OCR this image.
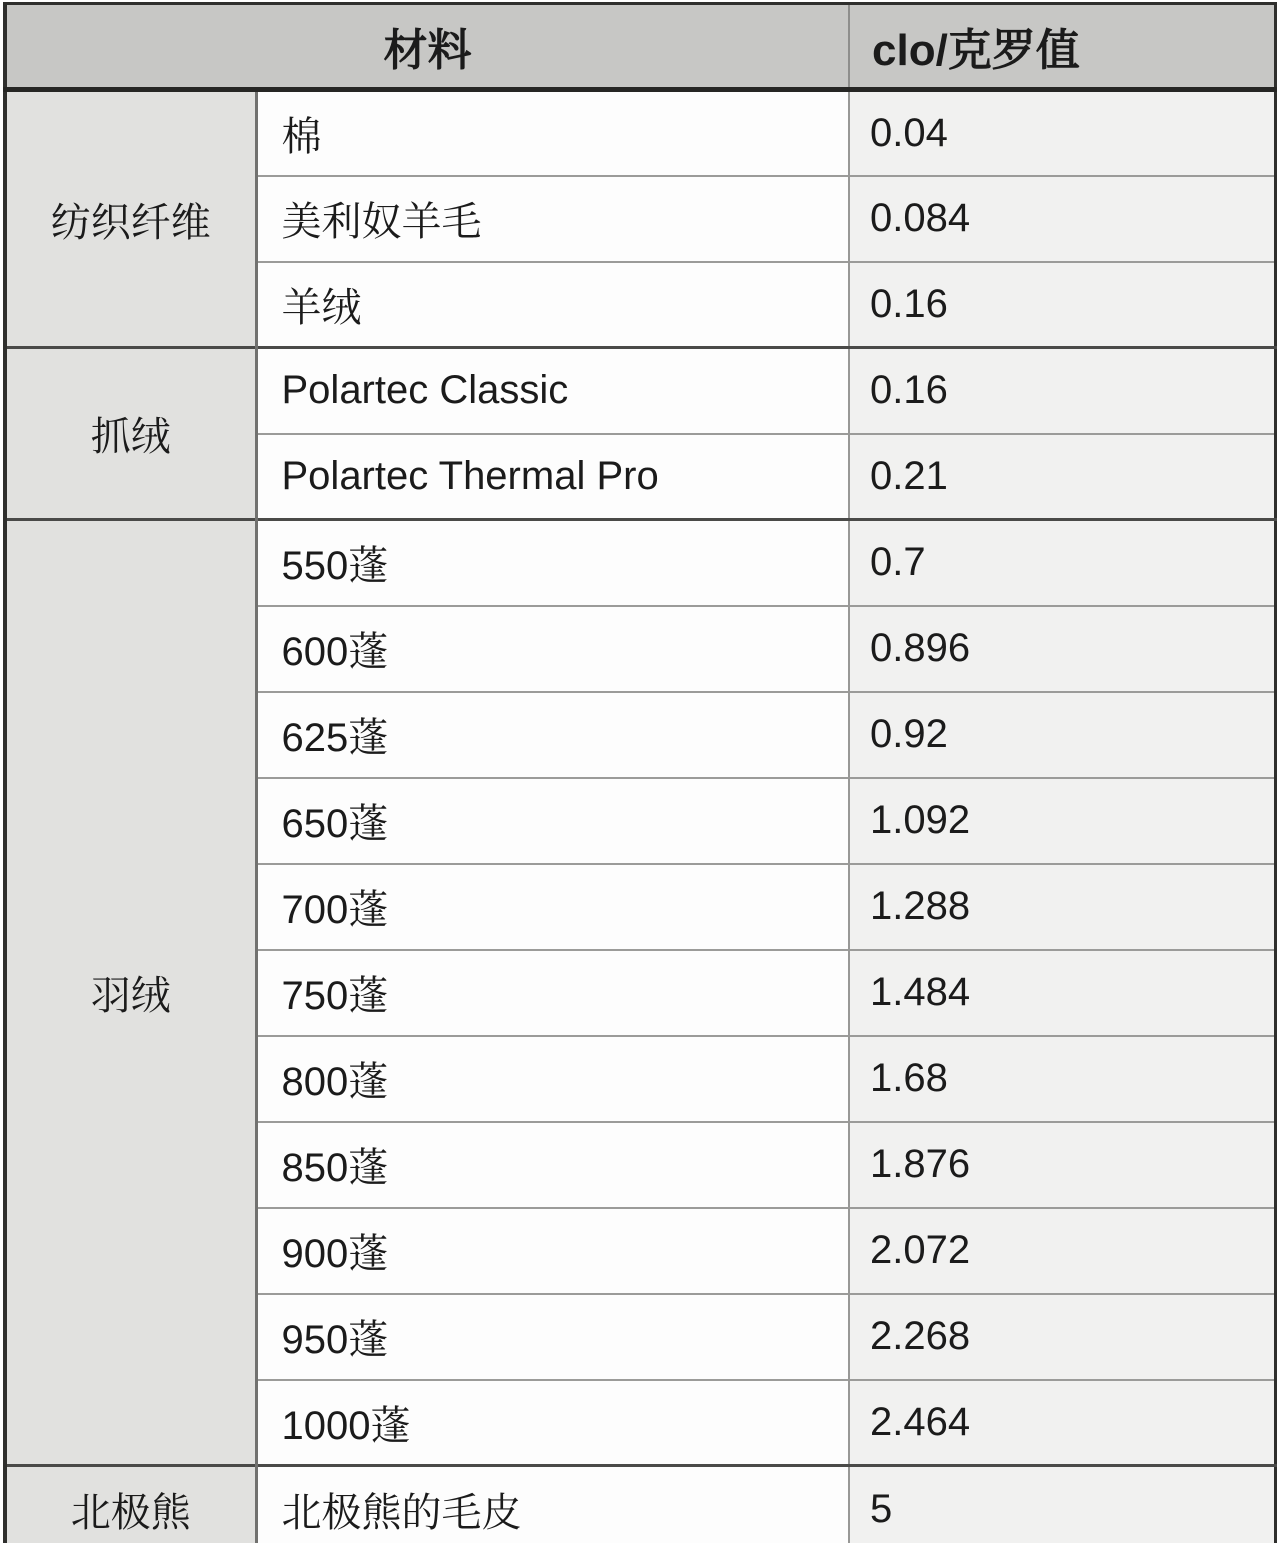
材料		clo/克罗值
纺织纤维	棉	0.04
	美利奴羊毛	0.084
	羊绒	0.16
抓绒	Polartec Classic	0.16
	Polartec Thermal Pro	0.21
羽绒	550蓬	0.7
	600蓬	0.896
	625蓬	0.92
	650蓬	1.092
	700蓬	1.288
	750蓬	1.484
	800蓬	1.68
	850蓬	1.876
	900蓬	2.072
	950蓬	2.268
	1000蓬	2.464
北极熊	北极熊的毛皮	5
